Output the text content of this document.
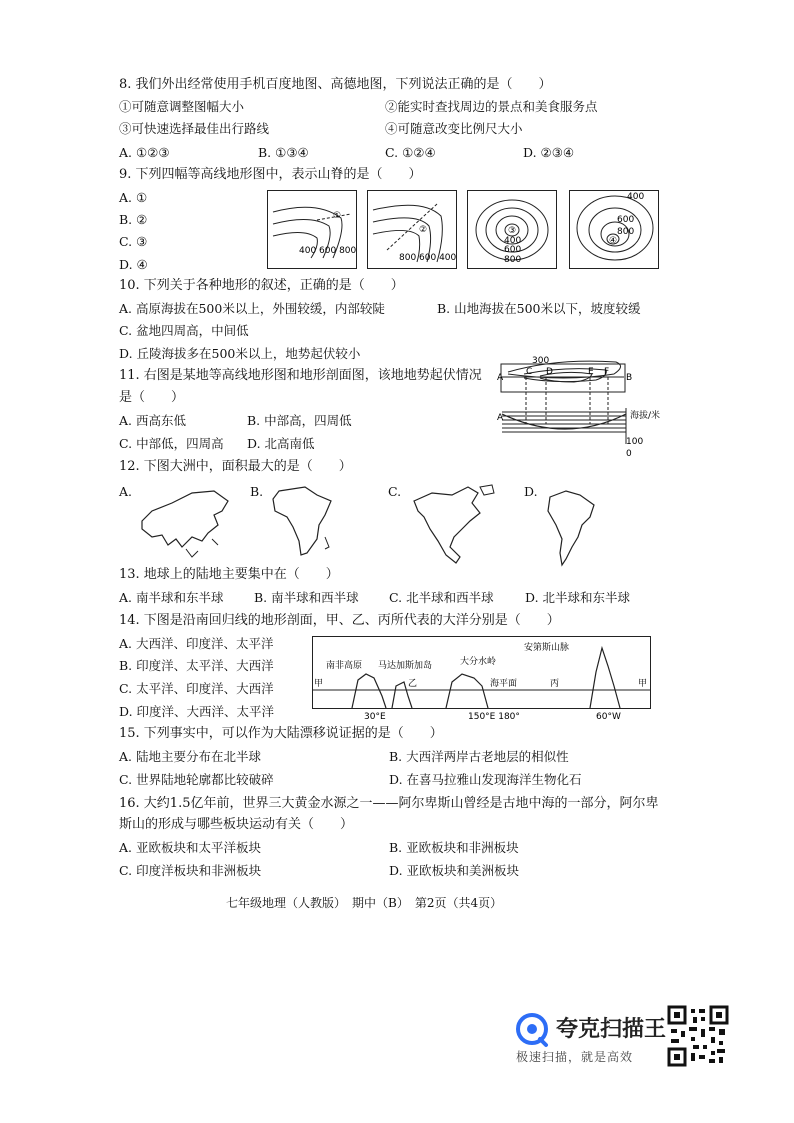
8. 我们外出经常使用手机百度地图、高德地图，下列说法正确的是（　　）
①可随意调整图幅大小	②能实时查找周边的景点和美食服务点
③可快速选择最佳出行路线	④可随意改变比例尺大小
A. ①②③	B. ①③④	C. ①②④	D. ②③④
9. 下列四幅等高线地形图中，表示山脊的是（　　）
A. ①
B. ②
C. ③
D. ④
①
400 600 800
②
800 600 400
③
400
600
800
400
600
800
④
10. 下列关于各种地形的叙述，正确的是（　　）
A. 高原海拔在500米以上，外围较缓，内部较陡	B. 山地海拔在500米以下，坡度较缓
C. 盆地四周高，中间低
D. 丘陵海拔多在500米以上，地势起伏较小
11. 右图是某地等高线地形图和地形剖面图，该地地势起伏情况
是（　　）
A. 西高东低	B. 中部高，四周低
C. 中部低，四周高 D. 北高南低
300
A
C D	E F
B
A	海拔/米
100
0
12. 下图大洲中，面积最大的是（　　）
A.	B.	C.	D.
13. 地球上的陆地主要集中在（　　）
A. 南半球和东半球 B. 南半球和西半球 C. 北半球和西半球	D. 北半球和东半球
14. 下图是沿南回归线的地形剖面，甲、乙、丙所代表的大洋分别是（　　）
A. 大西洋、印度洋、太平洋
B. 印度洋、太平洋、大西洋
C. 太平洋、印度洋、大西洋
D. 印度洋、大西洋、太平洋
安第斯山脉
南非高原 马达加斯加岛	大分水岭
甲	乙	海平面	丙	甲
30°E	150°E 180°	60°W
15. 下列事实中，可以作为大陆漂移说证据的是（　　）
A. 陆地主要分布在北半球	B. 大西洋两岸古老地层的相似性
C. 世界陆地轮廓都比较破碎	D. 在喜马拉雅山发现海洋生物化石
16. 大约1.5亿年前，世界三大黄金水源之一——阿尔卑斯山曾经是古地中海的一部分，阿尔卑
斯山的形成与哪些板块运动有关（　　）
A. 亚欧板块和太平洋板块	B. 亚欧板块和非洲板块
C. 印度洋板块和非洲板块	D. 亚欧板块和美洲板块
七年级地理（人教版）　期中（B）　第2页（共4页）
夸克扫描王
极速扫描，就是高效
